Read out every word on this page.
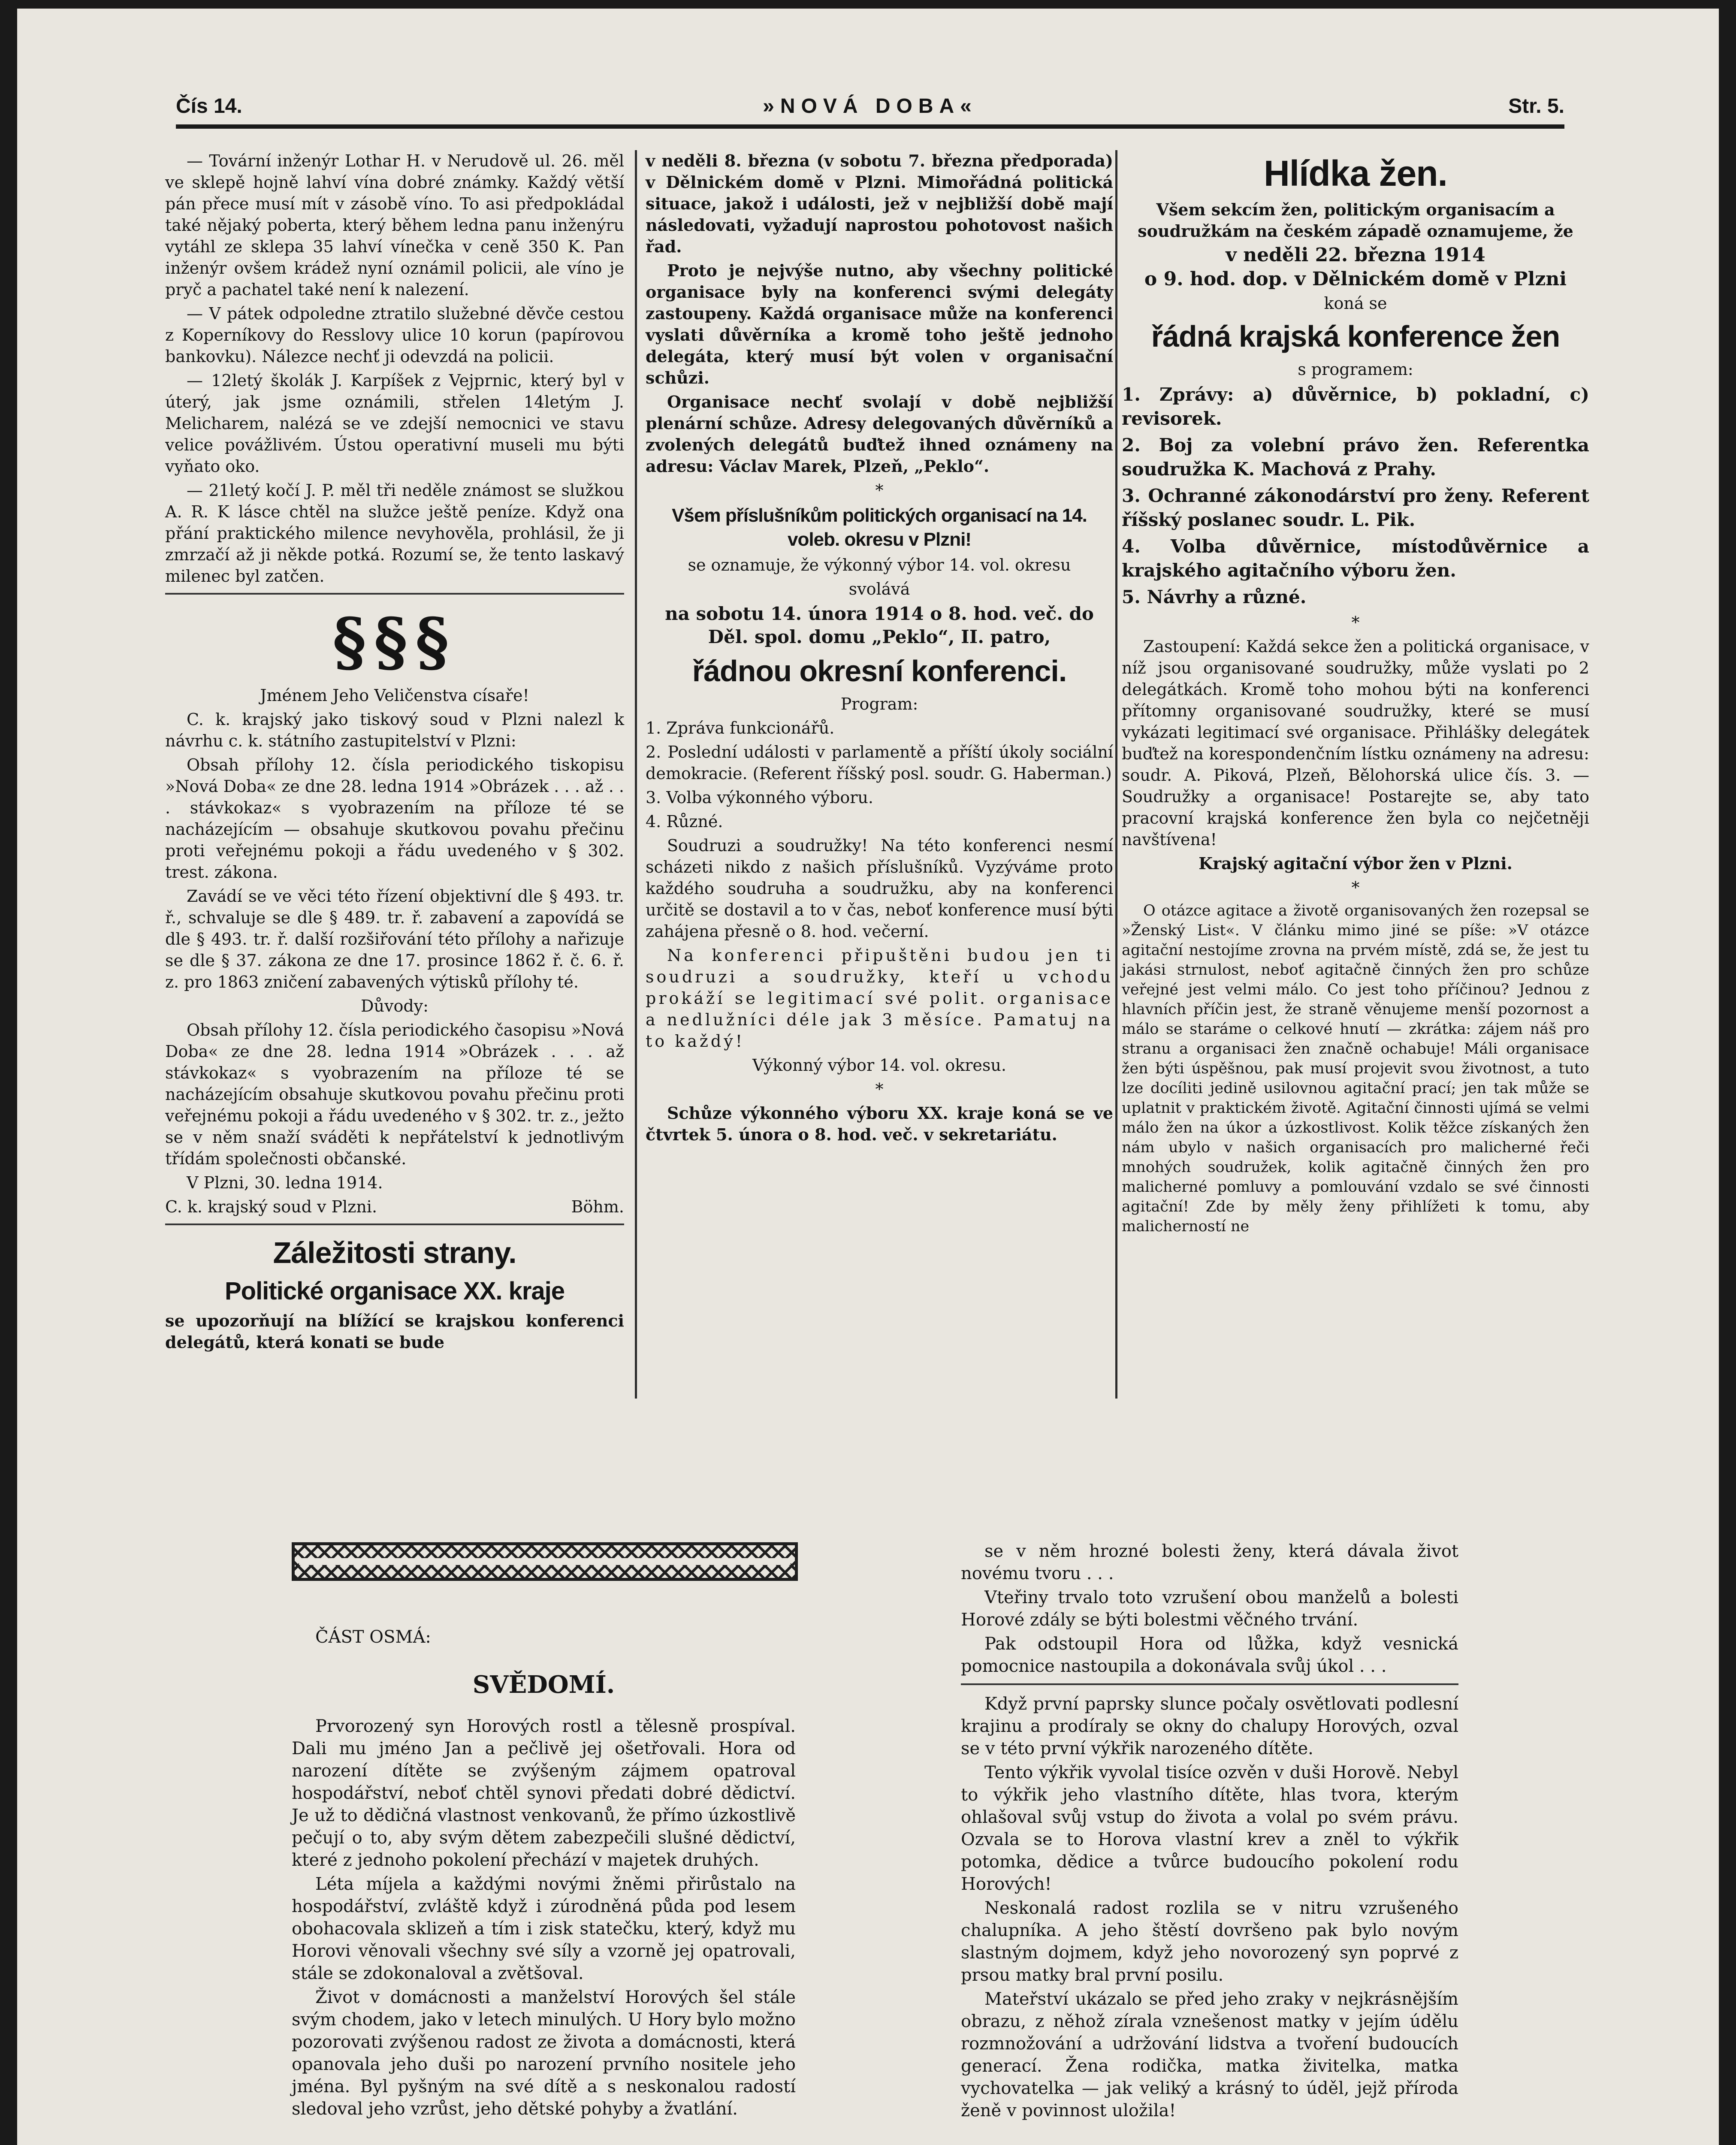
Čís 14.	»NOVÁ DOBA«	Str. 5.

— Tovární inženýr Lothar H. v Nerudově ul. 26. měl ve sklepě hojně lahví vína dobré známky. Každý větší pán přece musí mít v zásobě víno. To asi předpokládal také nějaký poberta, který během ledna panu inženýru vytáhl ze sklepa 35 lahví vínečka v ceně 350 K. Pan inženýr ovšem krádež nyní oznámil policii, ale víno je pryč a pachatel také není k nalezení.

— V pátek odpoledne ztratilo služebné děvče cestou z Koperníkovy do Resslovy ulice 10 korun (papírovou bankovku). Nálezce nechť ji odevzdá na policii.

— 12letý školák J. Karpíšek z Vejprnic, který byl v úterý, jak jsme oznámili, střelen 14letým J. Melicharem, nalézá se ve zdejší nemocnici ve stavu velice povážlivém. Ústou operativní museli mu býti vyňato oko.

— 21letý kočí J. P. měl tři neděle známost se služkou A. R. K lásce chtěl na služce ještě peníze. Když ona přání praktického milence nevyhověla, prohlásil, že ji zmrzačí až ji někde potká. Rozumí se, že tento laskavý milenec byl zatčen.

§§§

Jménem Jeho Veličenstva císaře!

C. k. krajský jako tiskový soud v Plzni nalezl k návrhu c. k. státního zastupitelství v Plzni:

Obsah přílohy 12. čísla periodického tiskopisu »Nová Doba« ze dne 28. ledna 1914 »Obrázek . . . až . . . stávkokaz« s vyobrazením na příloze té se nacházejícím — obsahuje skutkovou povahu přečinu proti veřejnému pokoji a řádu uvedeného v § 302. trest. zákona.

Zavádí se ve věci této řízení objektivní dle § 493. tr. ř., schvaluje se dle § 489. tr. ř. zabavení a zapovídá se dle § 493. tr. ř. další rozšiřování této přílohy a nařizuje se dle § 37. zákona ze dne 17. prosince 1862 ř. č. 6. ř. z. pro 1863 zničení zabavených výtisků přílohy té.

Důvody:

Obsah přílohy 12. čísla periodického časopisu »Nová Doba« ze dne 28. ledna 1914 »Obrázek . . . až stávkokaz« s vyobrazením na příloze té se nacházejícím obsahuje skutkovou povahu přečinu proti veřejnému pokoji a řádu uvedeného v § 302. tr. z., ježto se v něm snaží sváděti k nepřátelství k jednotlivým třídám společnosti občanské.

V Plzni, 30. ledna 1914.

C. k. krajský soud v Plzni.	Böhm.

Záležitosti strany.

Politické organisace XX. kraje

se upozorňují na blížící se krajskou konferenci delegátů, která konati se bude

v neděli 8. března (v sobotu 7. března předporada) v Dělnickém domě v Plzni. Mimořádná politická situace, jakož i události, jež v nejbližší době mají následovati, vyžadují naprostou pohotovost našich řad.

Proto je nejvýše nutno, aby všechny politické organisace byly na konferenci svými delegáty zastoupeny. Každá organisace může na konferenci vyslati důvěrníka a kromě toho ještě jednoho delegáta, který musí být volen v organisační schůzi.

Organisace nechť svolají v době nejbližší plenární schůze. Adresy delegovaných důvěrníků a zvolených delegátů buďtež ihned oznámeny na adresu: Václav Marek, Plzeň, „Peklo“.

*

Všem příslušníkům politických organisací na 14. voleb. okresu v Plzni!

se oznamuje, že výkonný výbor 14. vol. okresu

svolává

na sobotu 14. února 1914 o 8. hod. več. do Děl. spol. domu „Peklo“, II. patro,

řádnou okresní konferenci.

Program:

1. Zpráva funkcionářů.
2. Poslední události v parlamentě a příští úkoly sociální demokracie. (Referent říšský posl. soudr. G. Haberman.)
3. Volba výkonného výboru.
4. Různé.

Soudruzi a soudružky! Na této konferenci nesmí scházeti nikdo z našich příslušníků. Vyzýváme proto každého soudruha a soudružku, aby na konferenci určitě se dostavil a to v čas, neboť konference musí býti zahájena přesně o 8. hod. večerní.

Na konferenci připuštěni budou jen ti soudruzi a soudružky, kteří u vchodu prokáží se legitimací své polit. organisace a nedlužníci déle jak 3 měsíce. Pamatuj na to každý!

Výkonný výbor 14. vol. okresu.

*

Schůze výkonného výboru XX. kraje koná se ve čtvrtek 5. února o 8. hod. več. v sekretariátu.

Hlídka žen.

Všem sekcím žen, politickým organisacím a soudružkám na českém západě oznamujeme, že

v neděli 22. března 1914

o 9. hod. dop. v Dělnickém domě v Plzni

koná se

řádná krajská konference žen

s programem:

1. Zprávy: a) důvěrnice, b) pokladní, c) revisorek.
2. Boj za volební právo žen. Referentka soudružka K. Machová z Prahy.
3. Ochranné zákonodárství pro ženy. Referent říšský poslanec soudr. L. Pik.
4. Volba důvěrnice, místodůvěrnice a krajského agitačního výboru žen.
5. Návrhy a různé.
*

Zastoupení: Každá sekce žen a politická organisace, v níž jsou organisované soudružky, může vyslati po 2 delegátkách. Kromě toho mohou býti na konferenci přítomny organisované soudružky, které se musí vykázati legitimací své organisace. Přihlášky delegátek buďtež na korespondenčním lístku oznámeny na adresu: soudr. A. Piková, Plzeň, Bělohorská ulice čís. 3. — Soudružky a organisace! Postarejte se, aby tato pracovní krajská konference žen byla co nejčetněji navštívena!

Krajský agitační výbor žen v Plzni.

*

O otázce agitace a životě organisovaných žen rozepsal se »Ženský List«. V článku mimo jiné se píše: »V otázce agitační nestojíme zrovna na prvém místě, zdá se, že jest tu jakási strnulost, neboť agitačně činných žen pro schůze veřejné jest velmi málo. Co jest toho příčinou? Jednou z hlavních příčin jest, že straně věnujeme menší pozornost a málo se staráme o celkové hnutí — zkrátka: zájem náš pro stranu a organisaci žen značně ochabuje! Máli organisace žen býti úspěšnou, pak musí projevit svou životnost, a tuto lze docíliti jedině usilovnou agitační prací; jen tak může se uplatnit v praktickém životě. Agitační činnosti ujímá se velmi málo žen na úkor a úzkostlivost. Kolik těžce získaných žen nám ubylo v našich organisacích pro malicherné řeči mnohých soudružek, kolik agitačně činných žen pro malicherné pomluvy a pomlouvání vzdalo se své činnosti agitační! Zde by měly ženy přihlížeti k tomu, aby malicherností ne

ČÁST OSMÁ:

SVĚDOMÍ.

Prvorozený syn Horových rostl a tělesně prospíval. Dali mu jméno Jan a pečlivě jej ošetřovali. Hora od narození dítěte se zvýšeným zájmem opatroval hospodářství, neboť chtěl synovi předati dobré dědictví. Je už to dědičná vlastnost venkovanů, že přímo úzkostlivě pečují o to, aby svým dětem zabezpečili slušné dědictví, které z jednoho pokolení přechází v majetek druhých.

Léta míjela a každými novými žněmi přirůstalo na hospodářství, zvláště když i zúrodněná půda pod lesem obohacovala sklizeň a tím i zisk statečku, který, když mu Horovi věnovali všechny své síly a vzorně jej opatrovali, stále se zdokonaloval a zvětšoval.

Život v domácnosti a manželství Horových šel stále svým chodem, jako v letech minulých. U Hory bylo možno pozorovati zvýšenou radost ze života a domácnosti, která opanovala jeho duši po narození prvního nositele jeho jména. Byl pyšným na své dítě a s neskonalou radostí sledoval jeho vzrůst, jeho dětské pohyby a žvatlání.

se v něm hrozné bolesti ženy, která dávala život novému tvoru . . .

Vteřiny trvalo toto vzrušení obou manželů a bolesti Horové zdály se býti bolestmi věčného trvání.

Pak odstoupil Hora od lůžka, když vesnická pomocnice nastoupila a dokonávala svůj úkol . . .

Když první paprsky slunce počaly osvětlovati podlesní krajinu a prodíraly se okny do chalupy Horových, ozval se v této první výkřik narozeného dítěte.

Tento výkřik vyvolal tisíce ozvěn v duši Horově. Nebyl to výkřik jeho vlastního dítěte, hlas tvora, kterým ohlašoval svůj vstup do života a volal po svém právu. Ozvala se to Horova vlastní krev a zněl to výkřik potomka, dědice a tvůrce budoucího pokolení rodu Horových!

Neskonalá radost rozlila se v nitru vzrušeného chalupníka. A jeho štěstí dovršeno pak bylo novým slastným dojmem, když jeho novorozený syn poprvé z prsou matky bral první posilu.

Mateřství ukázalo se před jeho zraky v nejkrásnějším obrazu, z něhož zírala vznešenost matky v jejím údělu rozmnožování a udržování lidstva a tvoření budoucích generací. Žena rodička, matka živitelka, matka vychovatelka — jak veliký a krásný to úděl, jejž příroda ženě v povinnost uložila!
